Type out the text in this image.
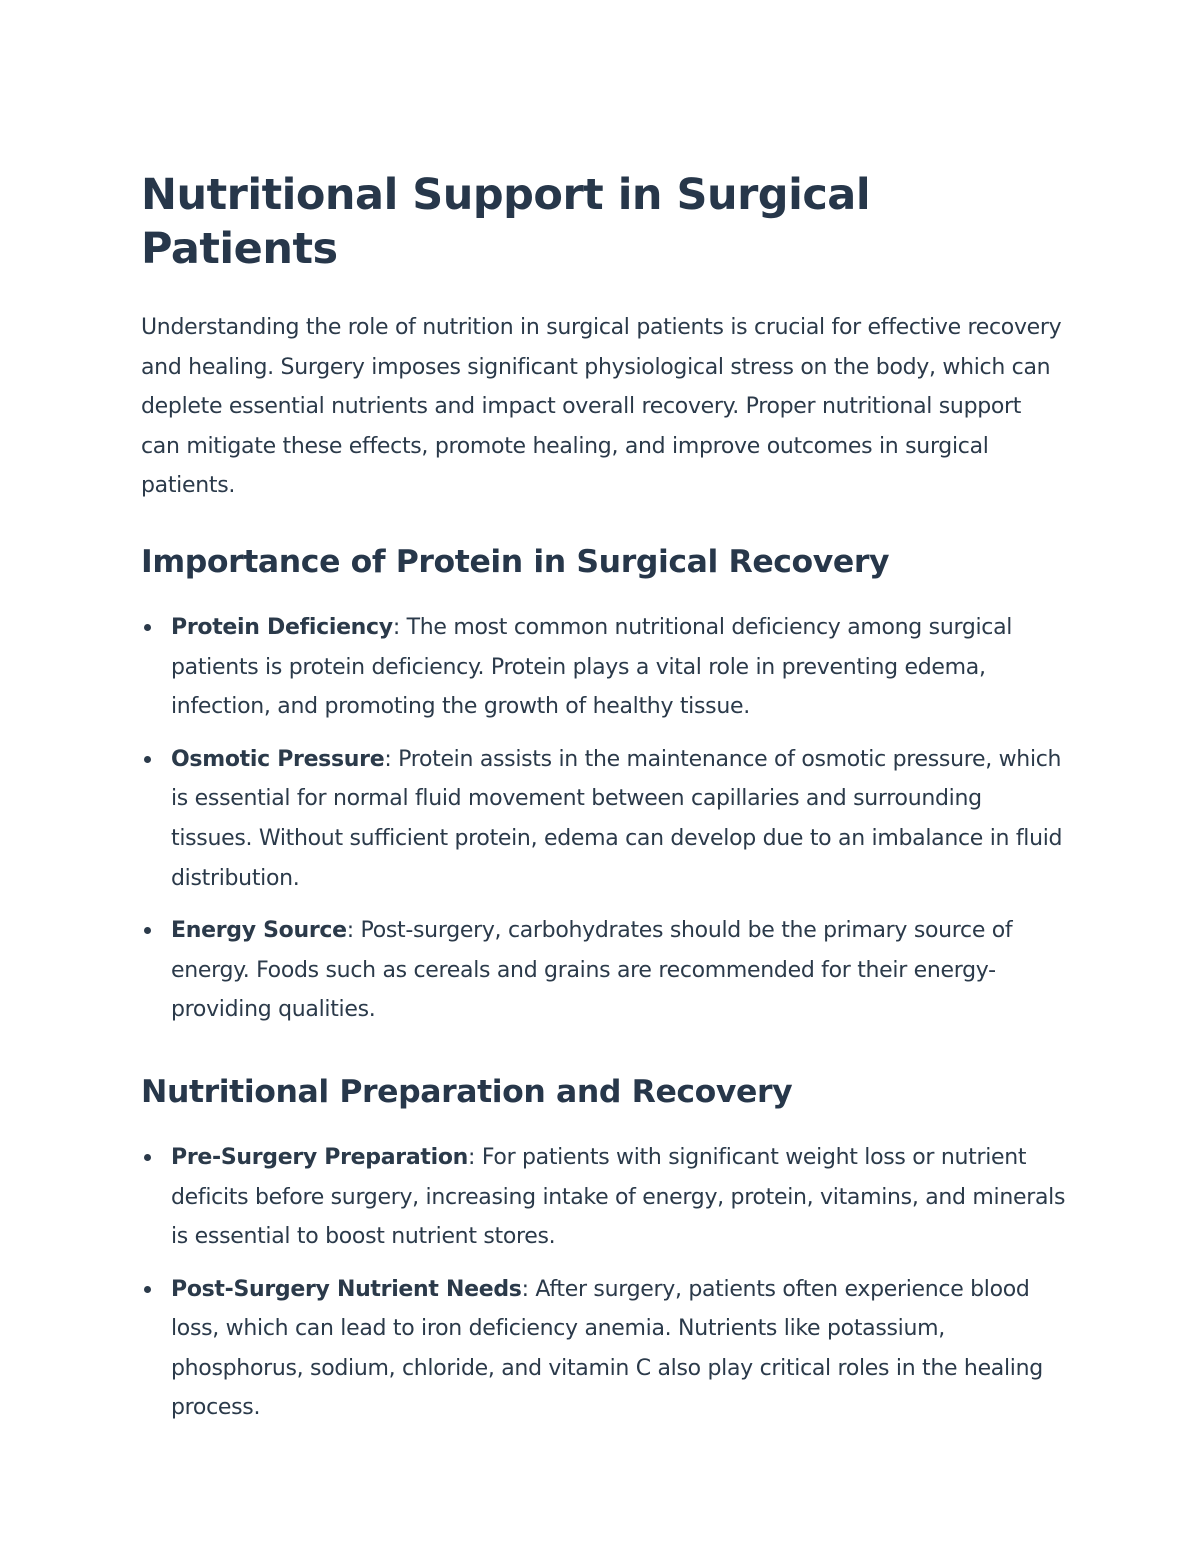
Nutritional Support in Surgical Patients

Understanding the role of nutrition in surgical patients is crucial for effective recovery and healing. Surgery imposes significant physiological stress on the body, which can deplete essential nutrients and impact overall recovery. Proper nutritional support can mitigate these effects, promote healing, and improve outcomes in surgical patients.

Importance of Protein in Surgical Recovery
Protein Deficiency: The most common nutritional deficiency among surgical patients is protein deficiency. Protein plays a vital role in preventing edema, infection, and promoting the growth of healthy tissue.
Osmotic Pressure: Protein assists in the maintenance of osmotic pressure, which is essential for normal fluid movement between capillaries and surrounding tissues. Without sufficient protein, edema can develop due to an imbalance in fluid distribution.
Energy Source: Post-surgery, carbohydrates should be the primary source of energy. Foods such as cereals and grains are recommended for their energy-providing qualities.
Nutritional Preparation and Recovery
Pre-Surgery Preparation: For patients with significant weight loss or nutrient deficits before surgery, increasing intake of energy, protein, vitamins, and minerals is essential to boost nutrient stores.
Post-Surgery Nutrient Needs: After surgery, patients often experience blood loss, which can lead to iron deficiency anemia. Nutrients like potassium, phosphorus, sodium, chloride, and vitamin C also play critical roles in the healing process.
